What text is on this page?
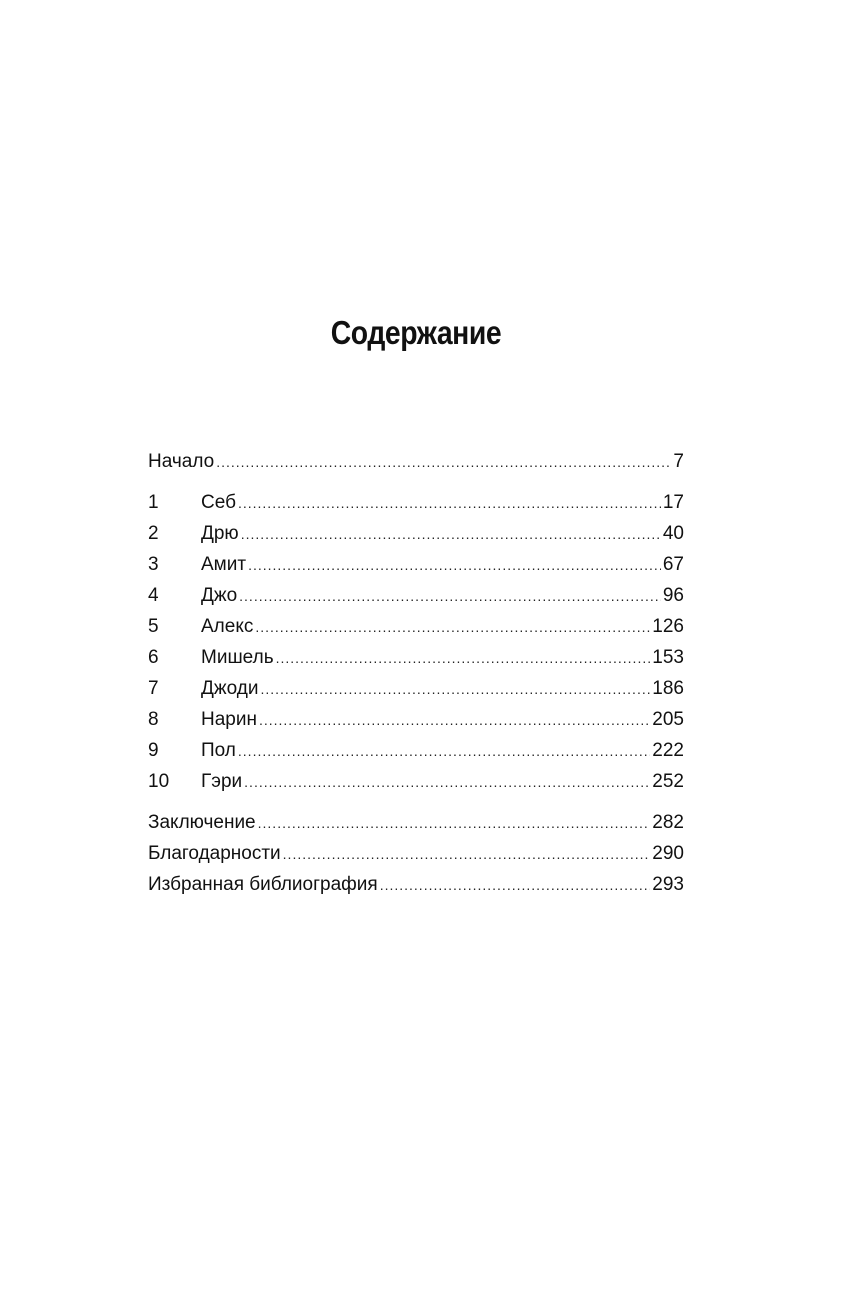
Содержание
Начало .....	7
1	Себ .....	17
2	Дрю .....	40
3	Амит .....	67
4	Джо .....	96
5	Алекс .....	126
6	Мишель .....	153
7	Джоди .....	186
8	Нарин .....	205
9	Пол .....	222
10	Гэри .....	252
Заключение .....	282
Благодарности .....	290
Избранная библиография .....	293
